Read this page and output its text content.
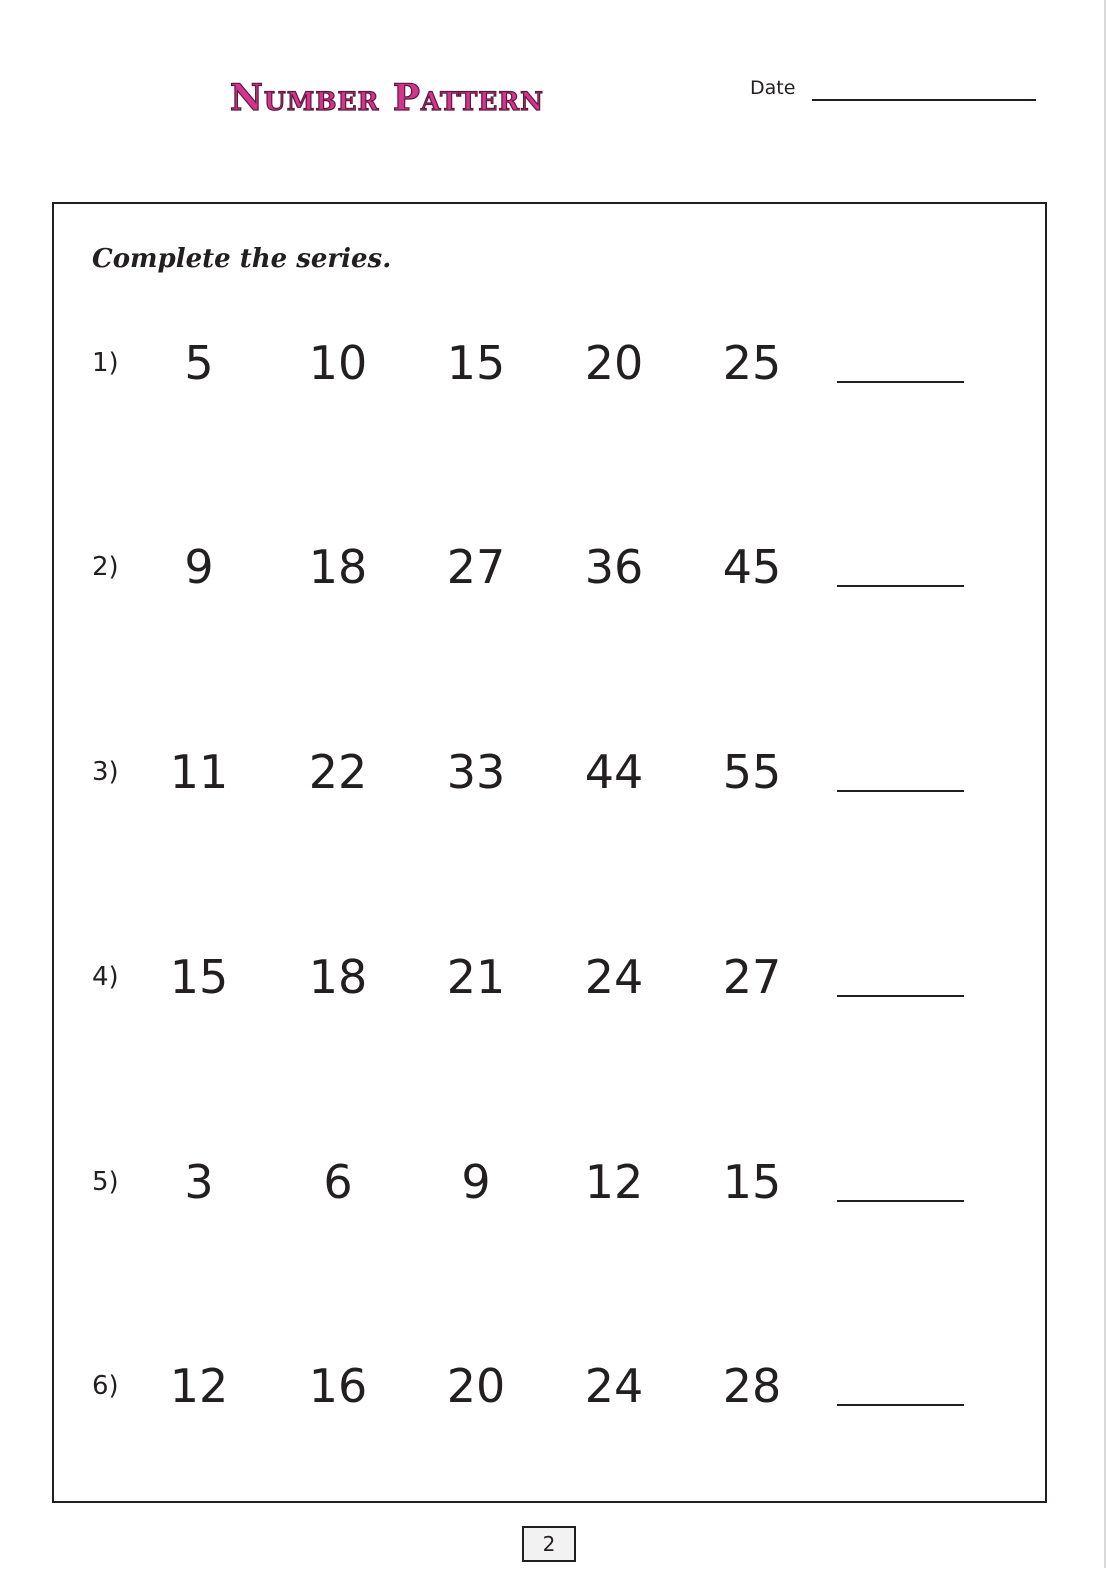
Number Pattern	Date
Complete the series.
1)	5	10	15	20	25
2)	9	18	27	36	45
3)	11	22	33	44	55
4)	15	18	21	24	27
5)	3	6	9	12	15
6)	12	16	20	24	28
2
